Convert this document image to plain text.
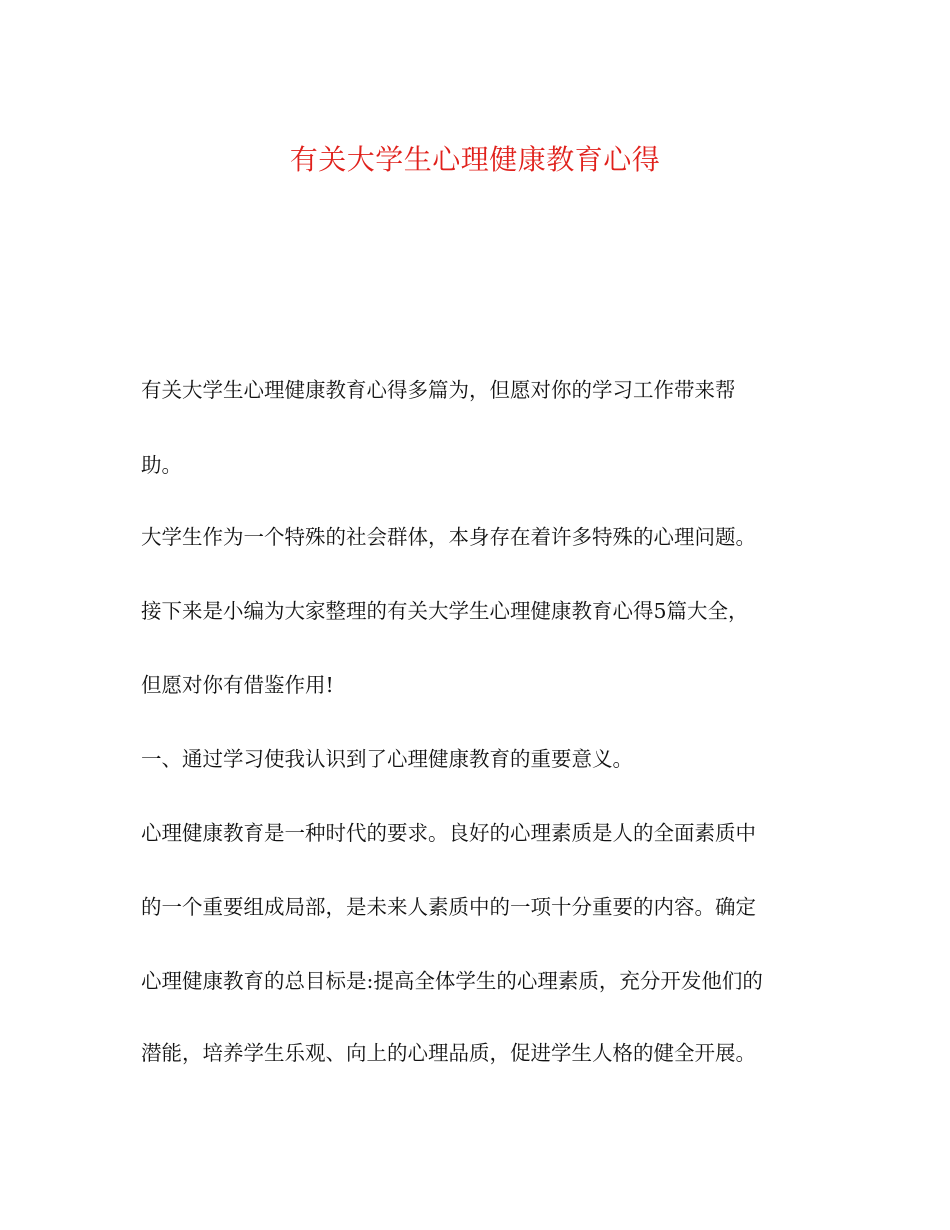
有关大学生心理健康教育心得
有关大学生心理健康教育心得多篇为，但愿对你的学习工作带来帮
助。
大学生作为一个特殊的社会群体，本身存在着许多特殊的心理问题。
接下来是小编为大家整理的有关大学生心理健康教育心得5篇大全，
但愿对你有借鉴作用!
一、通过学习使我认识到了心理健康教育的重要意义。
心理健康教育是一种时代的要求。良好的心理素质是人的全面素质中
的一个重要组成局部，是未来人素质中的一项十分重要的内容。确定
心理健康教育的总目标是:提高全体学生的心理素质，充分开发他们的
潜能，培养学生乐观、向上的心理品质，促进学生人格的健全开展。
